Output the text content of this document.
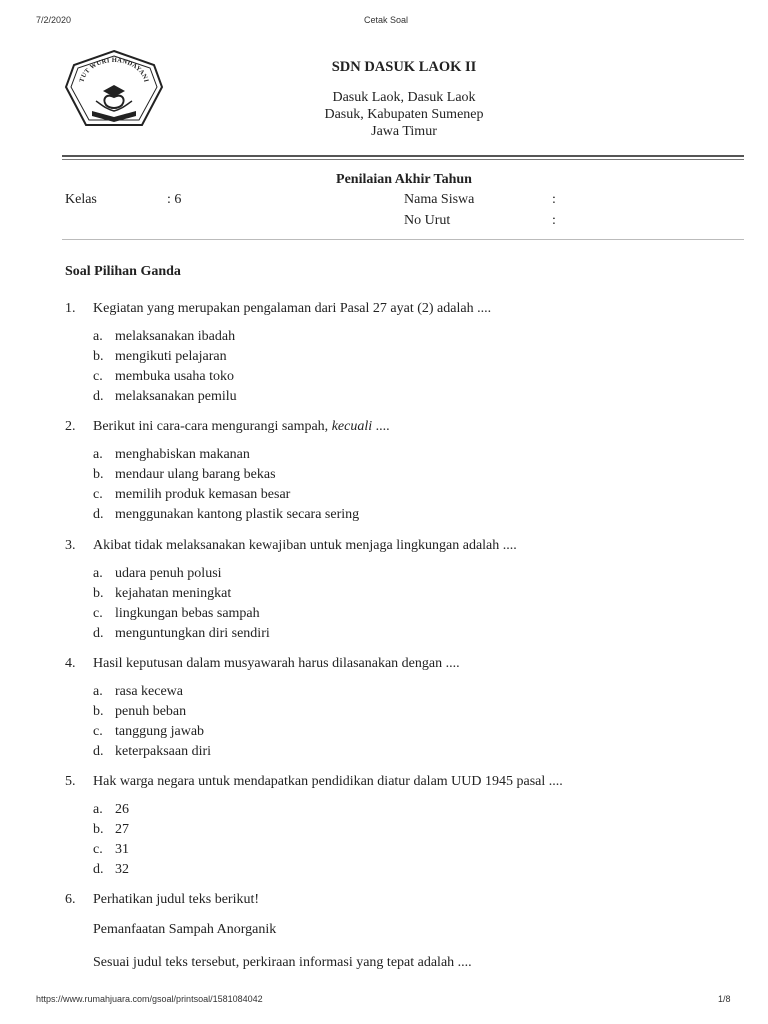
7/2/2020	Cetak Soal
TUT WURI HANDAYANI
SDN DASUK LAOK II
Dasuk Laok, Dasuk Laok
Dasuk, Kabupaten Sumenep
Jawa Timur
Penilaian Akhir Tahun
Kelas	: 6	Nama Siswa	:
No Urut	:
Soal Pilihan Ganda
1.	Kegiatan yang merupakan pengalaman dari Pasal 27 ayat (2) adalah ....
a. melaksanakan ibadah
b. mengikuti pelajaran
c. membuka usaha toko
d. melaksanakan pemilu
2.	Berikut ini cara-cara mengurangi sampah, kecuali ....
a. menghabiskan makanan
b. mendaur ulang barang bekas
c. memilih produk kemasan besar
d. menggunakan kantong plastik secara sering
3.	Akibat tidak melaksanakan kewajiban untuk menjaga lingkungan adalah ....
a. udara penuh polusi
b. kejahatan meningkat
c. lingkungan bebas sampah
d. menguntungkan diri sendiri
4.	Hasil keputusan dalam musyawarah harus dilasanakan dengan ....
a. rasa kecewa
b. penuh beban
c. tanggung jawab
d. keterpaksaan diri
5.	Hak warga negara untuk mendapatkan pendidikan diatur dalam UUD 1945 pasal ....
a. 26
b. 27
c. 31
d. 32
6.	Perhatikan judul teks berikut!
Pemanfaatan Sampah Anorganik
Sesuai judul teks tersebut, perkiraan informasi yang tepat adalah ....
https://www.rumahjuara.com/gsoal/printsoal/1581084042	1/8
